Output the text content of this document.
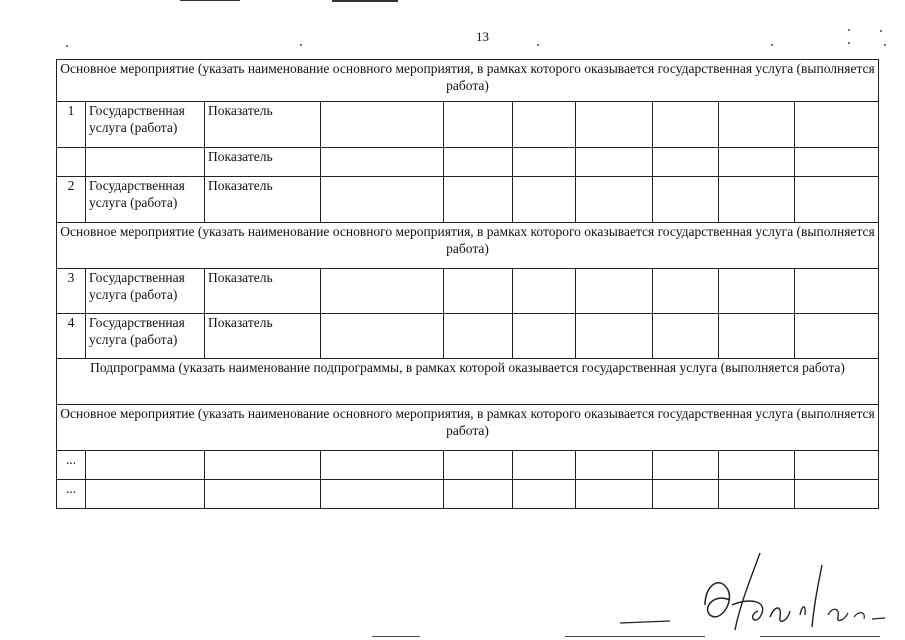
13
Основное мероприятие (указать наименование основного мероприятия, в рамках которого оказывается государственная услуга (выполняется работа)									
1	Государственная услуга (работа)	Показатель							
		Показатель							
2	Государственная услуга (работа)	Показатель							
Основное мероприятие (указать наименование основного мероприятия, в рамках которого оказывается государственная услуга (выполняется работа)									
3	Государственная услуга (работа)	Показатель							
4	Государственная услуга (работа)	Показатель							
Подпрограмма (указать наименование подпрограммы, в рамках которой оказывается государственная услуга (выполняется работа)									
Основное мероприятие (указать наименование основного мероприятия, в рамках которого оказывается государственная услуга (выполняется работа)									
...									
...									
